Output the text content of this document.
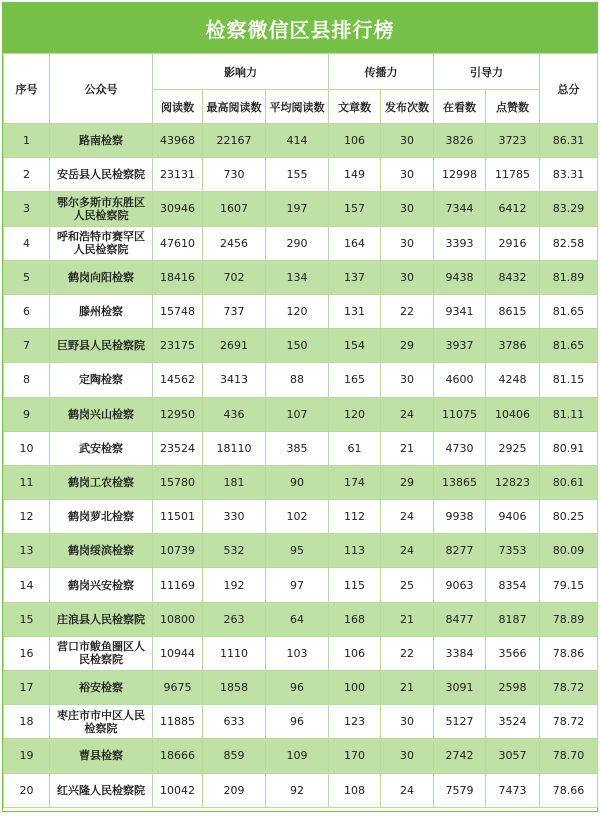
检察微信区县排行榜
序号	公众号	影响力			传播力		引导力		总分
		阅读数	最高阅读数	平均阅读数	文章数	发布次数	在看数	点赞数	
1	路南检察	43968	22167	414	106	30	3826	3723	86.31
2	安岳县人民检察院	23131	730	155	149	30	12998	11785	83.31
3	鄂尔多斯市东胜区人民检察院	30946	1607	197	157	30	7344	6412	83.29
4	呼和浩特市赛罕区人民检察院	47610	2456	290	164	30	3393	2916	82.58
5	鹤岗向阳检察	18416	702	134	137	30	9438	8432	81.89
6	滕州检察	15748	737	120	131	22	9341	8615	81.65
7	巨野县人民检察院	23175	2691	150	154	29	3937	3786	81.65
8	定陶检察	14562	3413	88	165	30	4600	4248	81.15
9	鹤岗兴山检察	12950	436	107	120	24	11075	10406	81.11
10	武安检察	23524	18110	385	61	21	4730	2925	80.91
11	鹤岗工农检察	15780	181	90	174	29	13865	12823	80.61
12	鹤岗萝北检察	11501	330	102	112	24	9938	9406	80.25
13	鹤岗绥滨检察	10739	532	95	113	24	8277	7353	80.09
14	鹤岗兴安检察	11169	192	97	115	25	9063	8354	79.15
15	庄浪县人民检察院	10800	263	64	168	21	8477	8187	78.89
16	营口市鲅鱼圈区人民检察院	10944	1110	103	106	22	3384	3566	78.86
17	裕安检察	9675	1858	96	100	21	3091	2598	78.72
18	枣庄市市中区人民检察院	11885	633	96	123	30	5127	3524	78.72
19	曹县检察	18666	859	109	170	30	2742	3057	78.70
20	红兴隆人民检察院	10042	209	92	108	24	7579	7473	78.66
